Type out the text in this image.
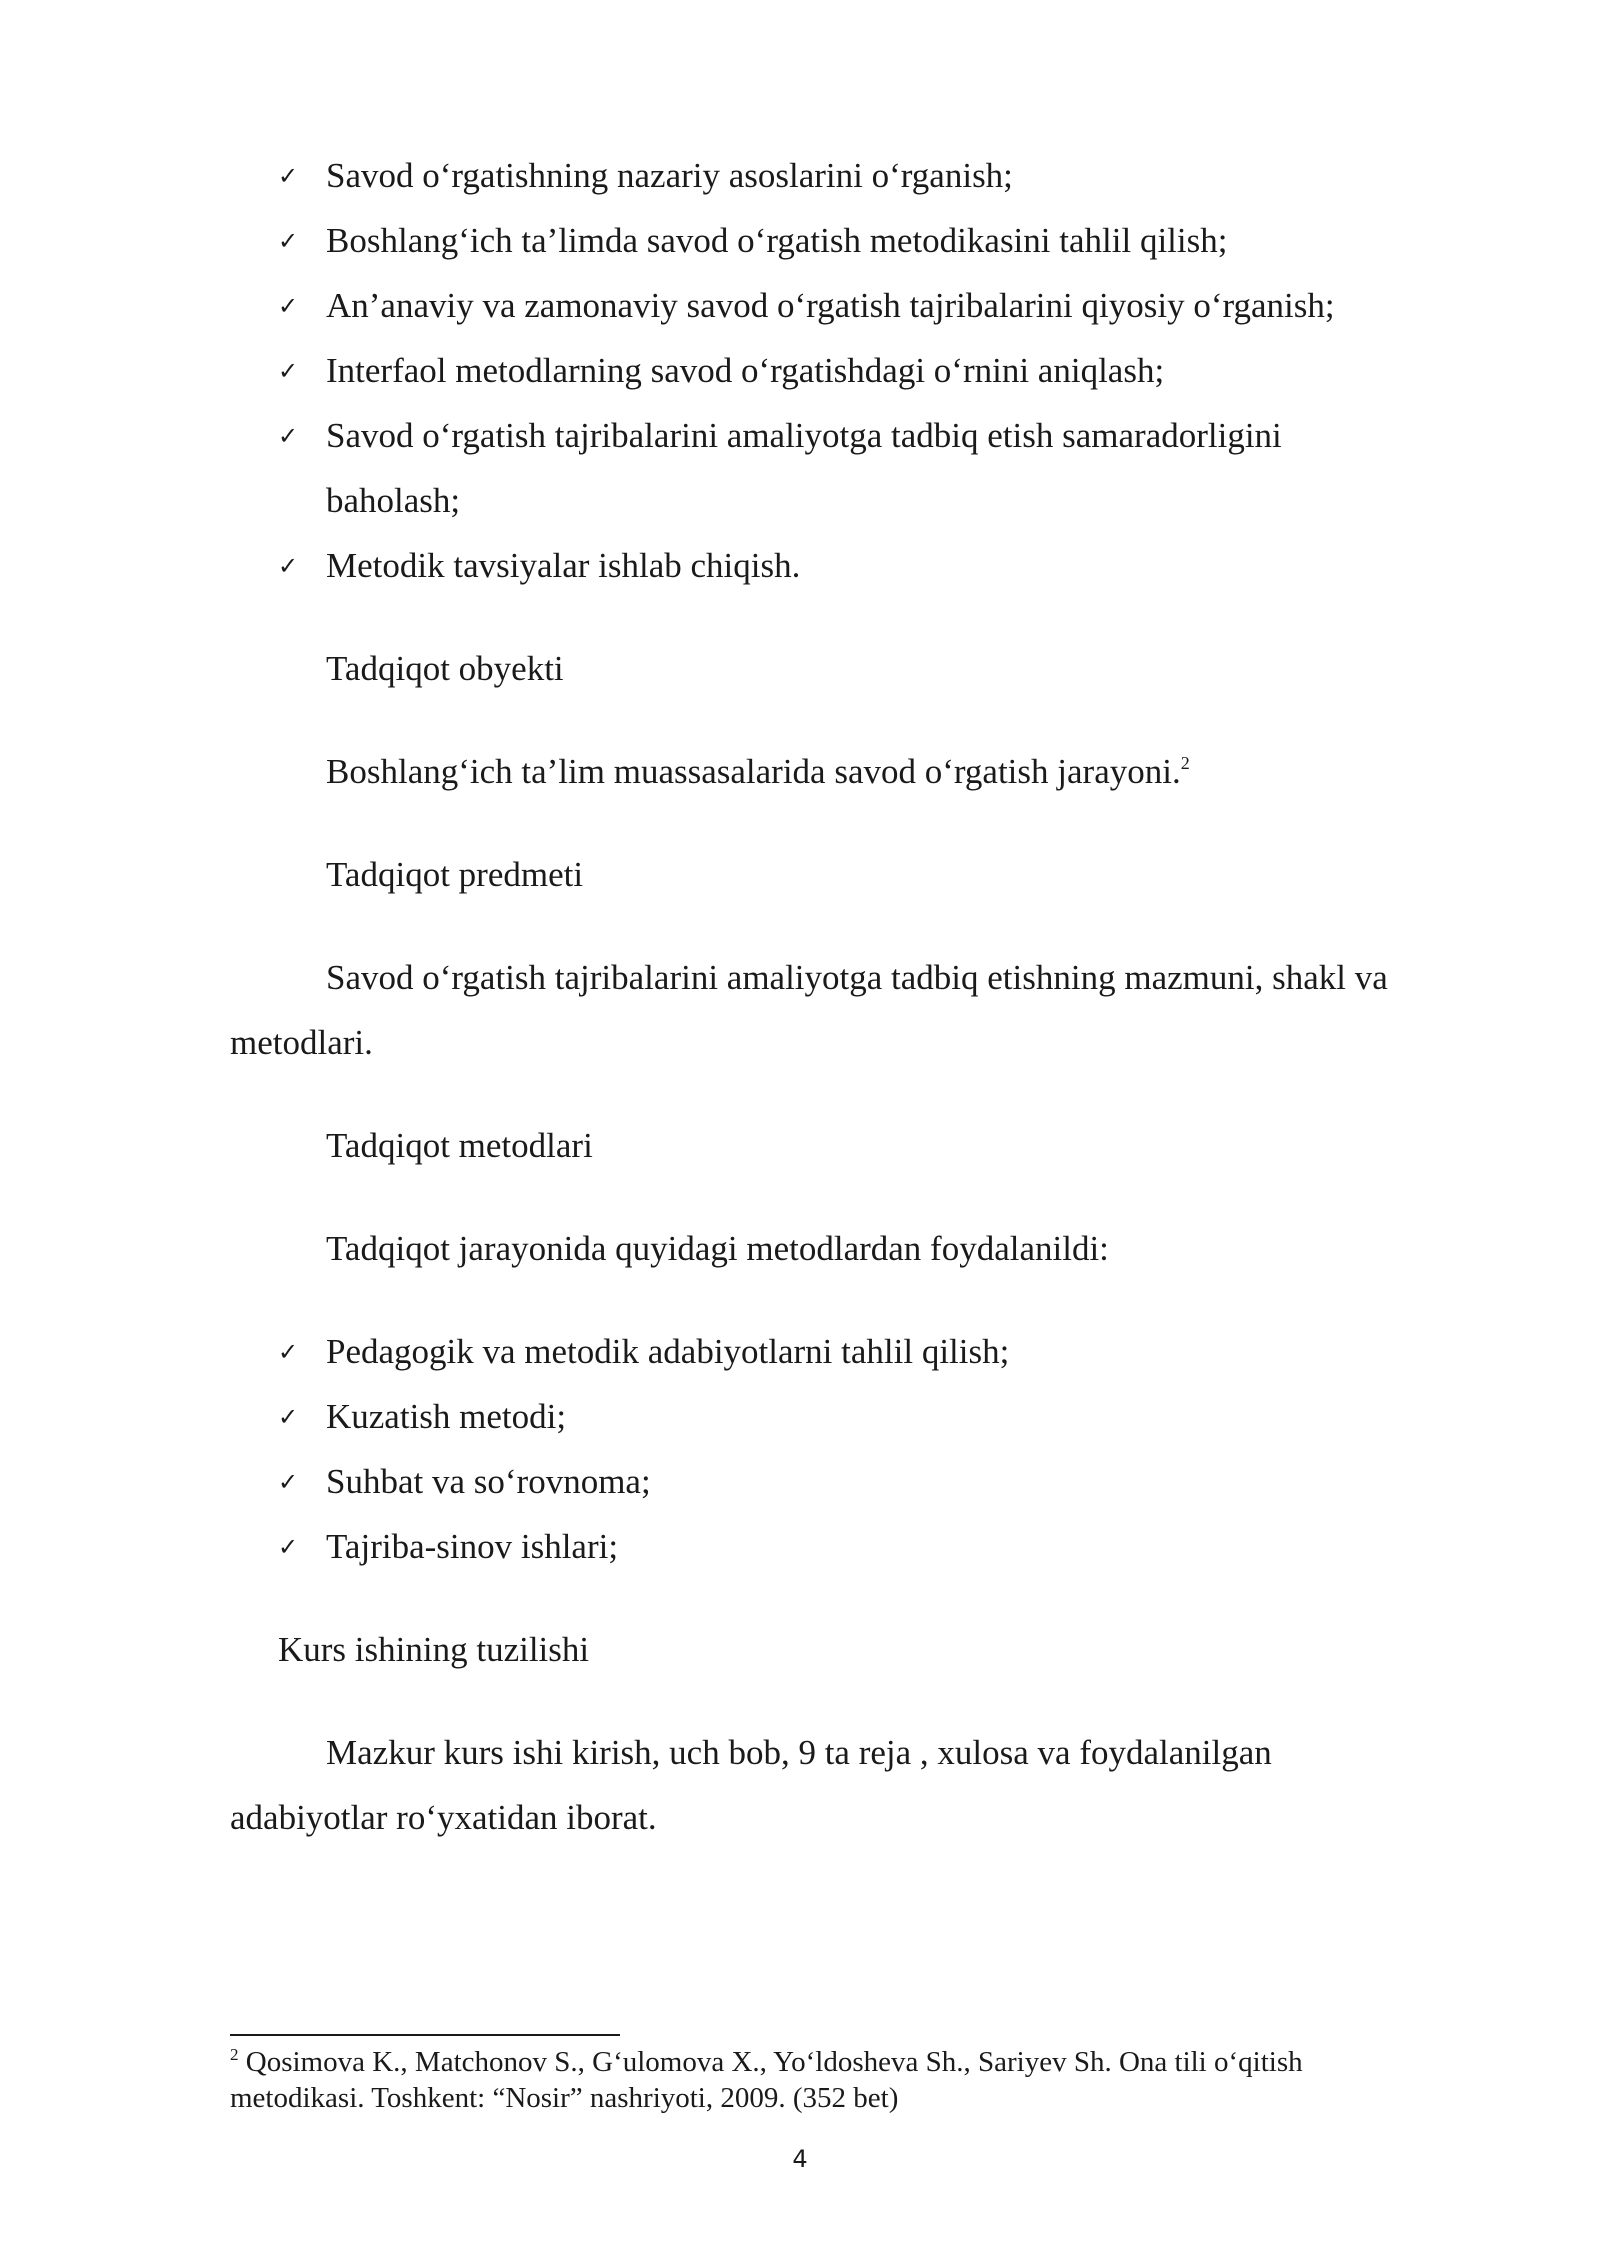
✓ Savod o‘rgatishning nazariy asoslarini o‘rganish;
✓ Boshlang‘ich ta’limda savod o‘rgatish metodikasini tahlil qilish;
✓ An’anaviy va zamonaviy savod o‘rgatish tajribalarini qiyosiy o‘rganish;
✓ Interfaol metodlarning savod o‘rgatishdagi o‘rnini aniqlash;
✓ Savod o‘rgatish tajribalarini amaliyotga tadbiq etish samaradorligini
baholash;
✓ Metodik tavsiyalar ishlab chiqish.
Tadqiqot obyekti
Boshlang‘ich ta’lim muassasalarida savod o‘rgatish jarayoni.$^2$
Tadqiqot predmeti
Savod o‘rgatish tajribalarini amaliyotga tadbiq etishning mazmuni, shakl va
metodlari.
Tadqiqot metodlari
Tadqiqot jarayonida quyidagi metodlardan foydalanildi:
✓ Pedagogik va metodik adabiyotlarni tahlil qilish;
✓ Kuzatish metodi;
✓ Suhbat va so‘rovnoma;
✓ Tajriba-sinov ishlari;
Kurs ishining tuzilishi
Mazkur kurs ishi kirish, uch bob, 9 ta reja , xulosa va foydalanilgan
adabiyotlar ro‘yxatidan iborat.
$^2$ Qosimova K., Matchonov S., G‘ulomova X., Yo‘ldosheva Sh., Sariyev Sh. Ona tili o‘qitish
metodikasi. Toshkent: “Nosir” nashriyoti, 2009. (352 bet)
4
